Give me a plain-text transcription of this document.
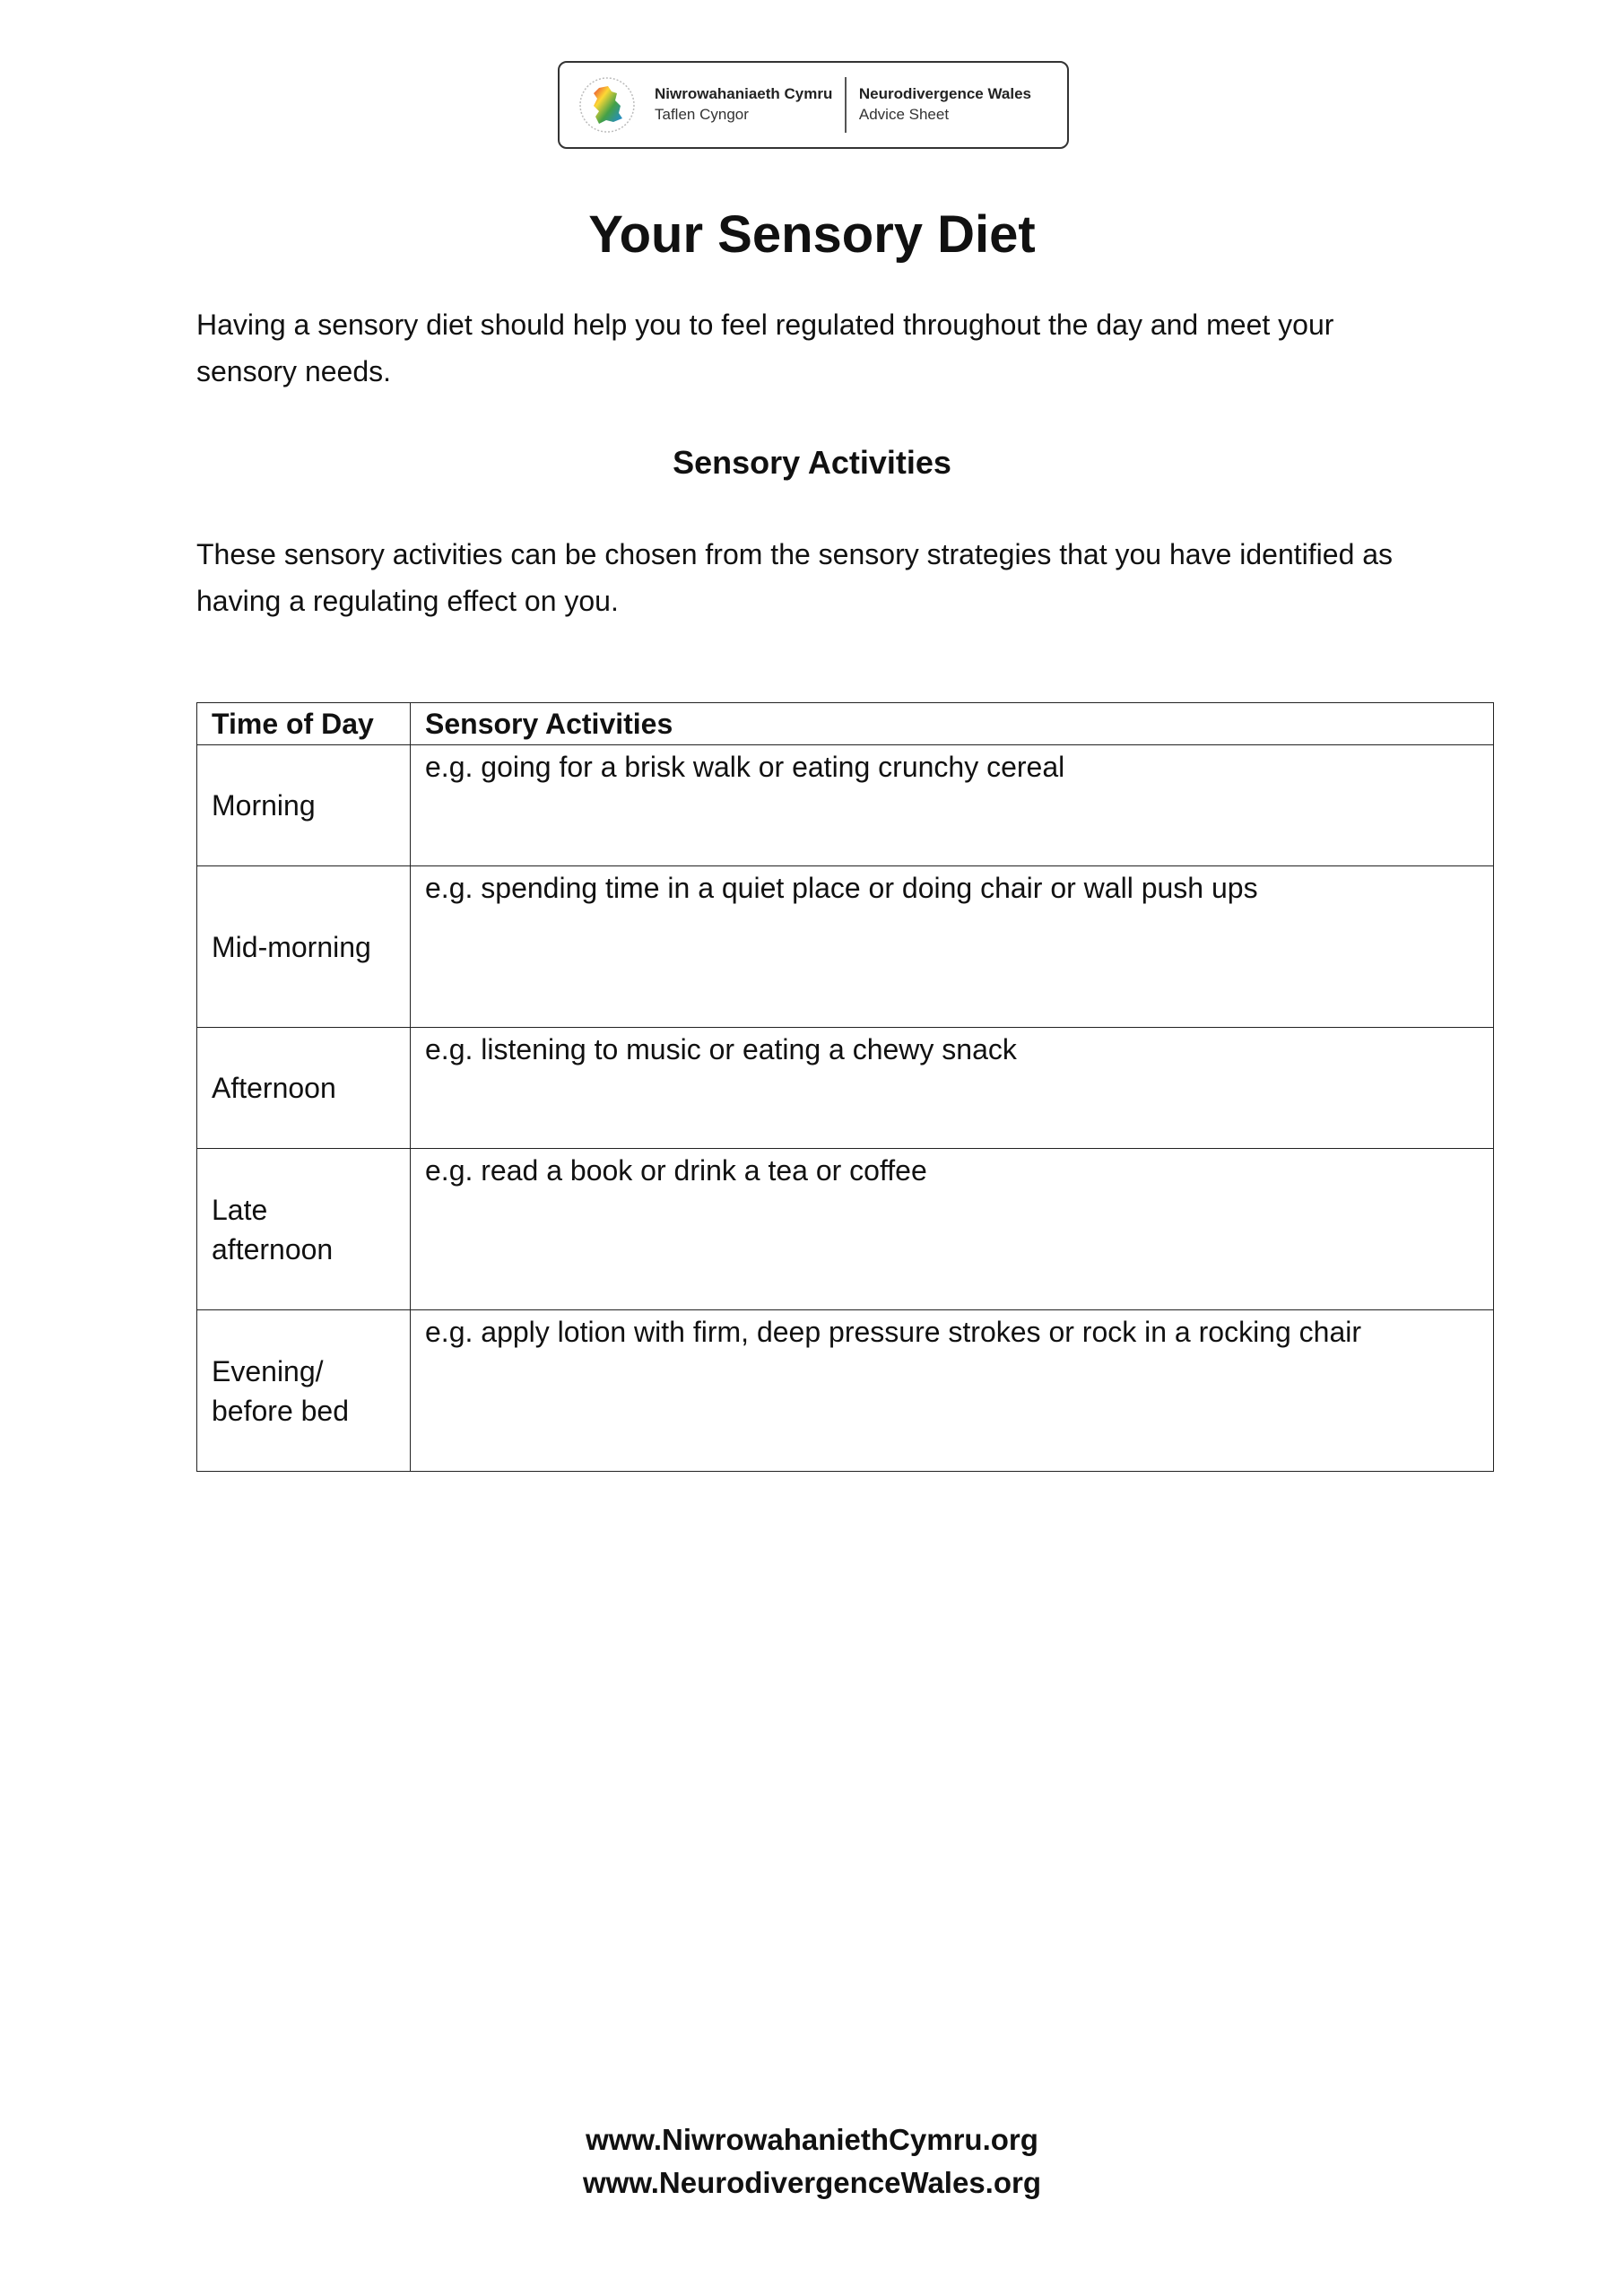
Niwrowahaniaeth Cymru
Taflen Cyngor
Neurodivergence Wales
Advice Sheet
Your Sensory Diet

Having a sensory diet should help you to feel regulated throughout the day and meet your sensory needs.

Sensory Activities

These sensory activities can be chosen from the sensory strategies that you have identified as having a regulating effect on you.

Time of Day	Sensory Activities
Morning	e.g. going for a brisk walk or eating crunchy cereal
Mid-morning	e.g. spending time in a quiet place or doing chair or wall push ups
Afternoon	e.g. listening to music or eating a chewy snack
Late afternoon	e.g. read a book or drink a tea or coffee
Evening/ before bed	e.g. apply lotion with firm, deep pressure strokes or rock in a rocking chair
www.NiwrowahaniethCymru.org
www.NeurodivergenceWales.org
